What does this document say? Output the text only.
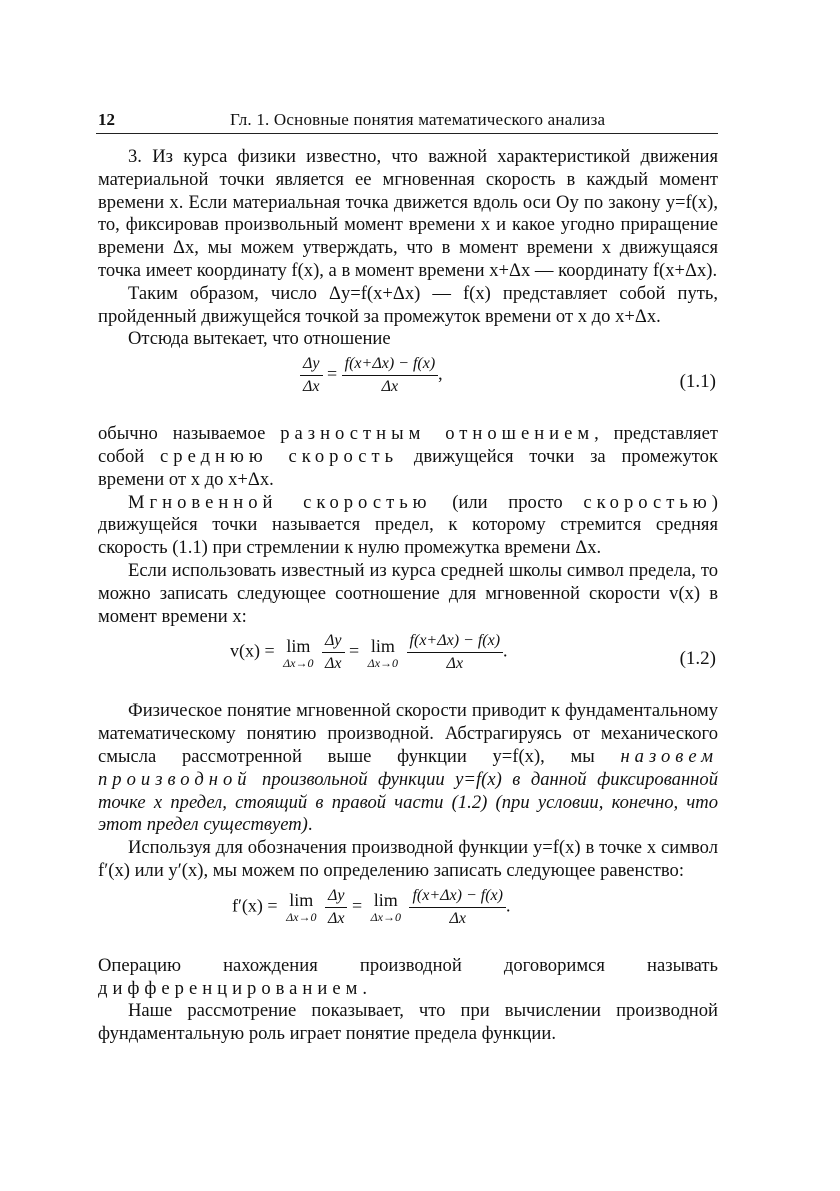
12	Гл. 1. Основные понятия математического анализа

3. Из курса физики известно, что важной характеристикой движения материальной точки является ее мгновенная скорость в каждый момент времени x. Если материальная точка движется вдоль оси Oy по закону y=f(x), то, фиксировав произвольный момент времени x и какое угодно приращение времени Δx, мы можем утверждать, что в момент времени x движущаяся точка имеет координату f(x), а в момент времени x+Δx — координату f(x+Δx).

Таким образом, число Δy=f(x+Δx) — f(x) представляет собой путь, пройденный движущейся точкой за промежуток времени от x до x+Δx.

Отсюда вытекает, что отношение

$\frac{\Delta y}{\Delta x} = \frac{f(x+\Delta x) - f(x)}{\Delta x}$ ,	(1.1)

обычно называемое разностным отношением, представляет собой среднюю скорость движущейся точки за промежуток времени от x до x+Δx.

Мгновенной скоростью (или просто скоростью) движущейся точки называется предел, к которому стремится средняя скорость (1.1) при стремлении к нулю промежутка времени Δx.

Если использовать известный из курса средней школы символ предела, то можно записать следующее соотношение для мгновенной скорости v(x) в момент времени x:

v(x) = lim
Δx→0
$\frac{\Delta y}{\Delta x} = \lim$
Δx→0
$\frac{f(x+\Delta x) - f(x)}{\Delta x}$ .	(1.2)

Физическое понятие мгновенной скорости приводит к фундаментальному математическому понятию производной. Абстрагируясь от механического смысла рассмотренной выше функции y=f(x), мы назовем производной произвольной функции y=f(x) в данной фиксированной точке x предел, стоящий в правой части (1.2) (при условии, конечно, что этот предел существует).

Используя для обозначения производной функции y=f(x) в точке x символ f′(x) или y′(x), мы можем по определению записать следующее равенство:

f′(x) = lim
Δx→0
$\frac{\Delta y}{\Delta x} = \lim$
Δx→0
$\frac{f(x+\Delta x) - f(x)}{\Delta x}$ .

Операцию нахождения производной договоримся называть дифференцированием.

Наше рассмотрение показывает, что при вычислении производной фундаментальную роль играет понятие предела функции.
